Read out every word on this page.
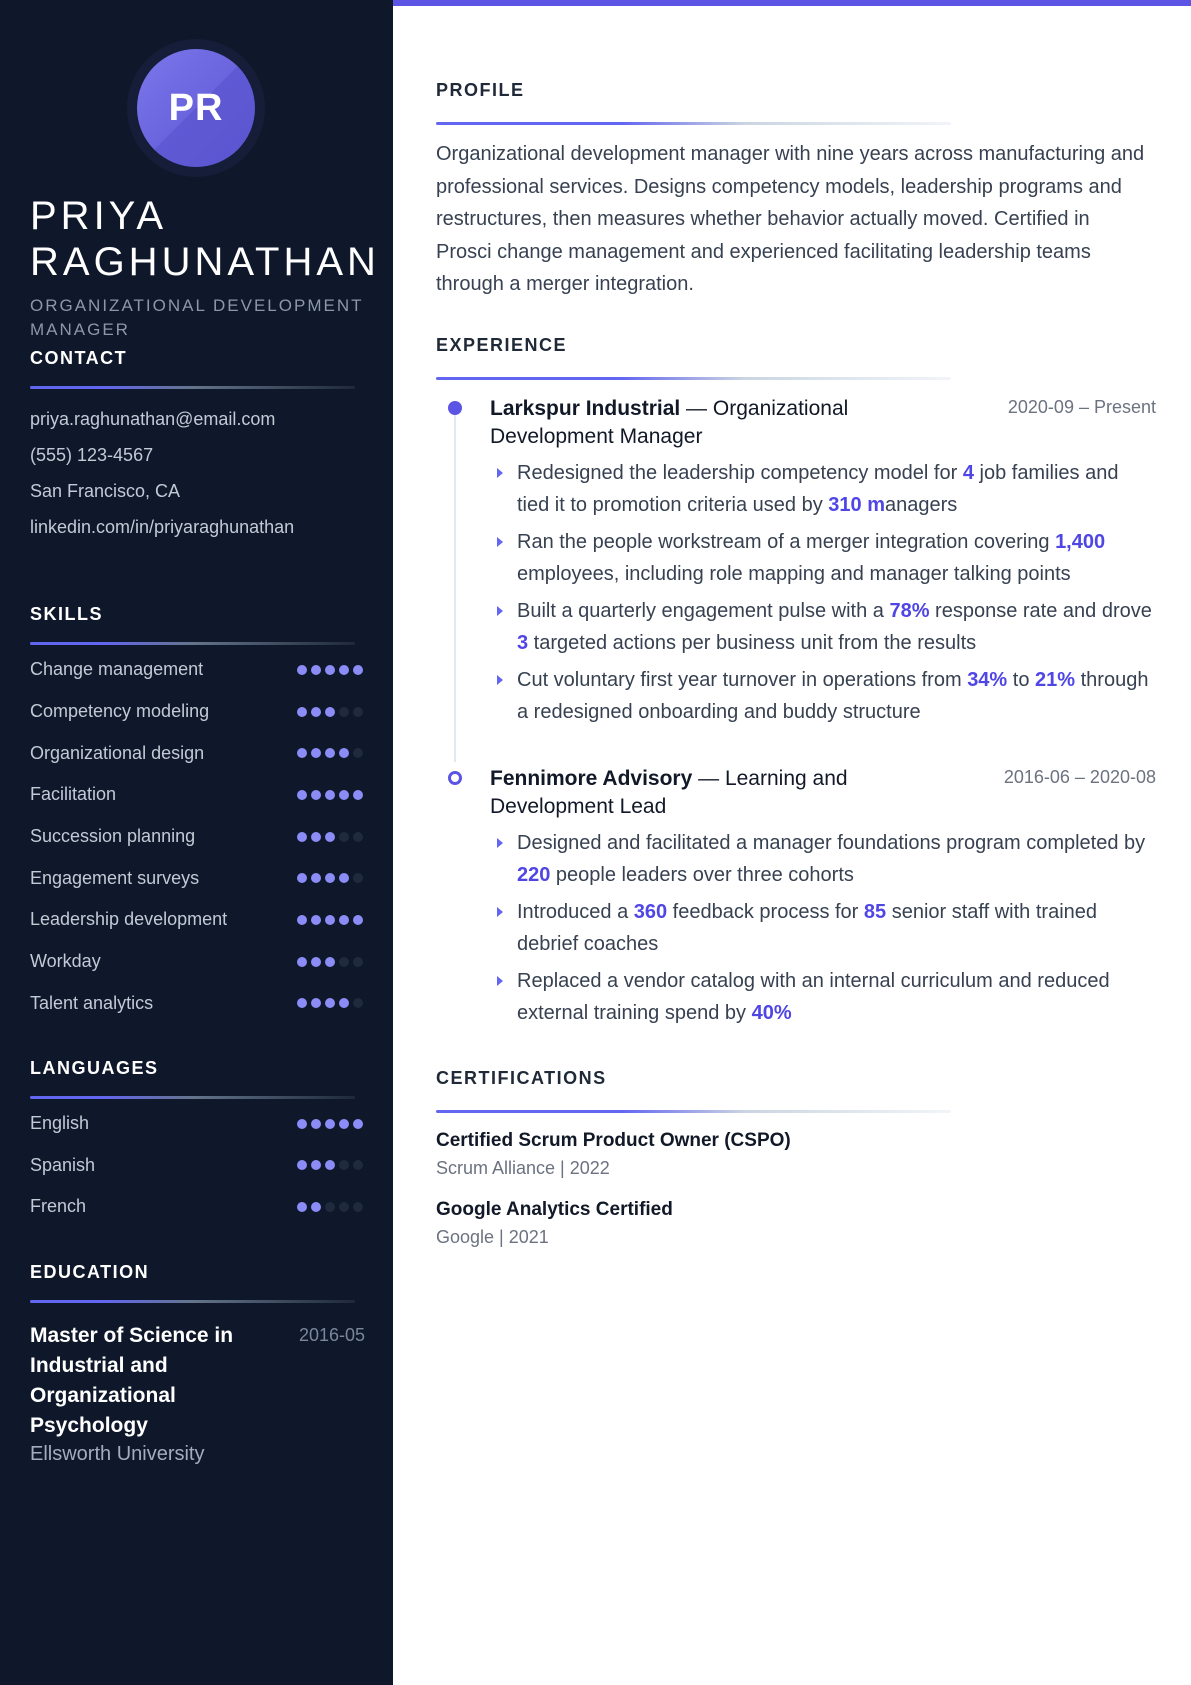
PR
PRIYA
RAGHUNATHAN
ORGANIZATIONAL DEVELOPMENT MANAGER
CONTACT
priya.raghunathan@email.com
(555) 123-4567
San Francisco, CA
linkedin.com/in/priyaraghunathan
SKILLS
Change management
Competency modeling
Organizational design
Facilitation
Succession planning
Engagement surveys
Leadership development
Workday
Talent analytics
LANGUAGES
English
Spanish
French
EDUCATION
Master of Science in Industrial and Organizational Psychology
2016-05
Ellsworth University
PROFILE

Organizational development manager with nine years across manufacturing and professional services. Designs competency models, leadership programs and restructures, then measures whether behavior actually moved. Certified in Prosci change management and experienced facilitating leadership teams through a merger integration.

EXPERIENCE
Larkspur Industrial — Organizational Development Manager
2020-09 – Present
Redesigned the leadership competency model for 4 job families and tied it to promotion criteria used by 310 managers
Ran the people workstream of a merger integration covering 1,400 employees, including role mapping and manager talking points
Built a quarterly engagement pulse with a 78% response rate and drove 3 targeted actions per business unit from the results
Cut voluntary first year turnover in operations from 34% to 21% through a redesigned onboarding and buddy structure
Fennimore Advisory — Learning and Development Lead
2016-06 – 2020-08
Designed and facilitated a manager foundations program completed by 220 people leaders over three cohorts
Introduced a 360 feedback process for 85 senior staff with trained debrief coaches
Replaced a vendor catalog with an internal curriculum and reduced external training spend by 40%
CERTIFICATIONS
Certified Scrum Product Owner (CSPO)
Scrum Alliance | 2022
Google Analytics Certified
Google | 2021
